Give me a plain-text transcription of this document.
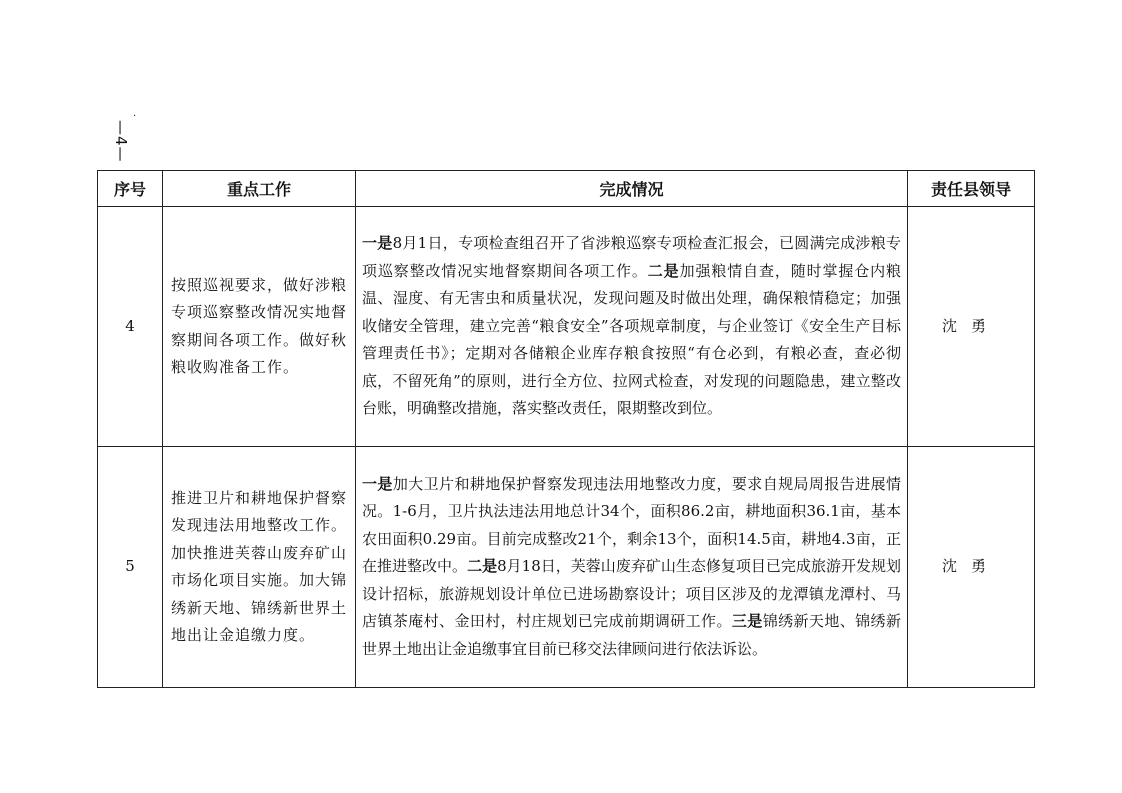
.
—4—
序号	重点工作	完成情况	责任县领导
4	按照巡视要求，做好涉粮专项巡察整改情况实地督察期间各项工作。做好秋粮收购准备工作。	一是8月1日，专项检查组召开了省涉粮巡察专项检查汇报会，已圆满完成涉粮专项巡察整改情况实地督察期间各项工作。二是加强粮情自查，随时掌握仓内粮温、湿度、有无害虫和质量状况，发现问题及时做出处理，确保粮情稳定；加强收储安全管理，建立完善“粮食安全”各项规章制度，与企业签订《安全生产目标管理责任书》；定期对各储粮企业库存粮食按照“有仓必到，有粮必查，查必彻底，不留死角”的原则，进行全方位、拉网式检查，对发现的问题隐患，建立整改台账，明确整改措施，落实整改责任，限期整改到位。	沈勇
5	推进卫片和耕地保护督察发现违法用地整改工作。加快推进芙蓉山废弃矿山市场化项目实施。加大锦绣新天地、锦绣新世界土地出让金追缴力度。	一是加大卫片和耕地保护督察发现违法用地整改力度，要求自规局周报告进展情况。1-6月，卫片执法违法用地总计34个，面积86.2亩，耕地面积36.1亩，基本农田面积0.29亩。目前完成整改21个，剩余13个，面积14.5亩，耕地4.3亩，正在推进整改中。二是8月18日，芙蓉山废弃矿山生态修复项目已完成旅游开发规划设计招标，旅游规划设计单位已进场勘察设计；项目区涉及的龙潭镇龙潭村、马店镇茶庵村、金田村，村庄规划已完成前期调研工作。三是锦绣新天地、锦绣新世界土地出让金追缴事宜目前已移交法律顾问进行依法诉讼。	沈勇
